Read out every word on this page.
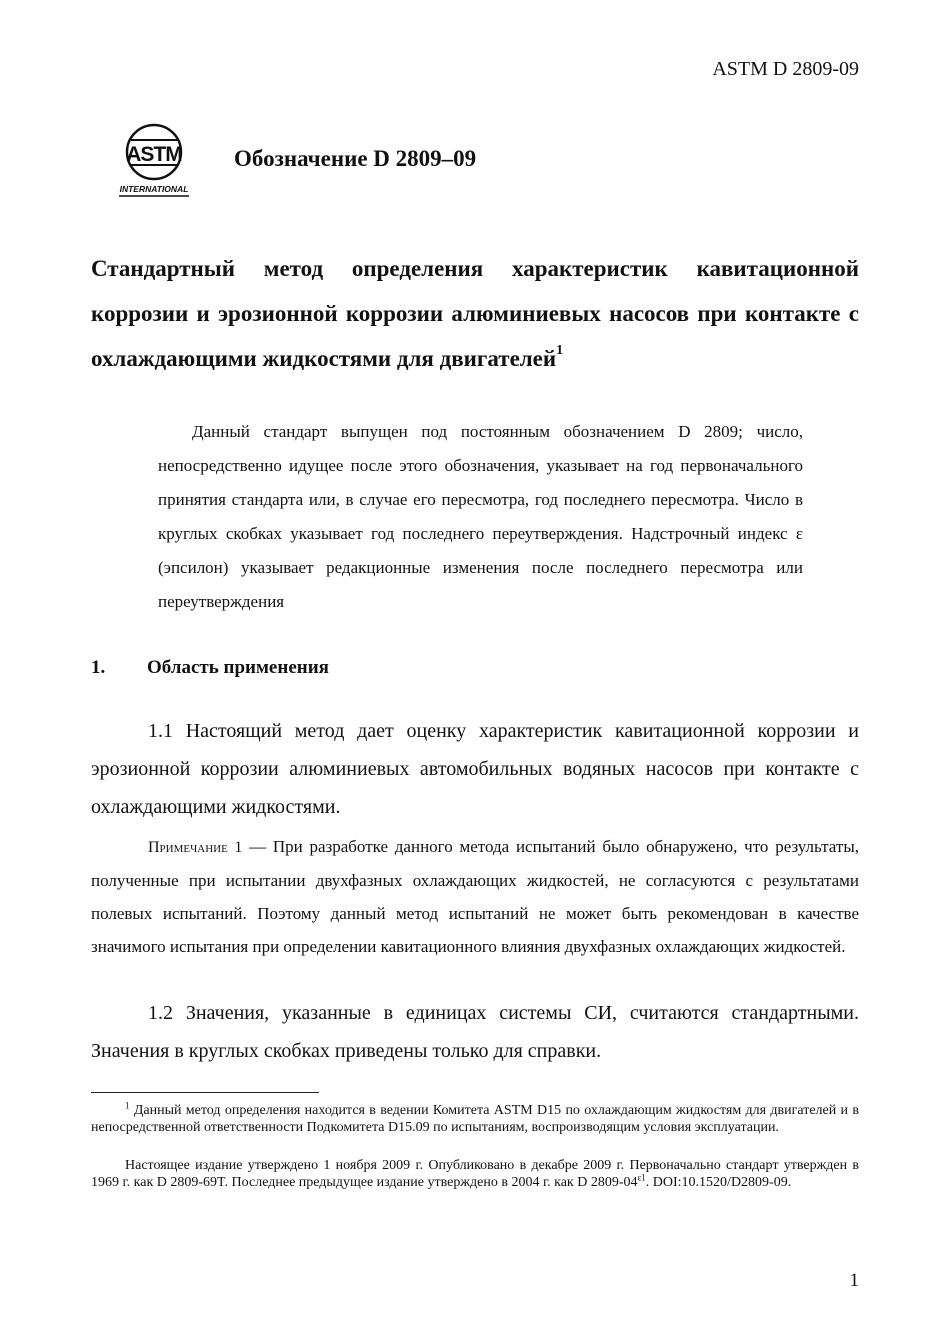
ASTM D 2809-09
ASTM
INTERNATIONAL
Обозначение D 2809–09
Стандартный метод определения характеристик кавитационной коррозии и эрозионной коррозии алюминиевых насосов при контакте с охлаждающими жидкостями для двигателей$^1$
Данный стандарт выпущен под постоянным обозначением D 2809; число, непосредственно идущее после этого обозначения, указывает на год первоначального принятия стандарта или, в случае его пересмотра, год последнего пересмотра. Число в круглых скобках указывает год последнего переутверждения. Надстрочный индекс ε (эпсилон) указывает редакционные изменения после последнего пересмотра или переутверждения
1. Область применения
1.1 Настоящий метод дает оценку характеристик кавитационной коррозии и эрозионной коррозии алюминиевых автомобильных водяных насосов при контакте с охлаждающими жидкостями.
Примечание 1 — При разработке данного метода испытаний было обнаружено, что результаты, полученные при испытании двухфазных охлаждающих жидкостей, не согласуются с результатами полевых испытаний. Поэтому данный метод испытаний не может быть рекомендован в качестве значимого испытания при определении кавитационного влияния двухфазных охлаждающих жидкостей.
1.2 Значения, указанные в единицах системы СИ, считаются стандартными. Значения в круглых скобках приведены только для справки.
$^1$ Данный метод определения находится в ведении Комитета ASTM D15 по охлаждающим жидкостям для двигателей и в непосредственной ответственности Подкомитета D15.09 по испытаниям, воспроизводящим условия эксплуатации.
Настоящее издание утверждено 1 ноября 2009 г. Опубликовано в декабре 2009 г. Первоначально стандарт утвержден в 1969 г. как D 2809-69T. Последнее предыдущее издание утверждено в 2004 г. как D $2809-04^{\varepsilon 1}$. DOI:10.1520/D2809-09.
1
